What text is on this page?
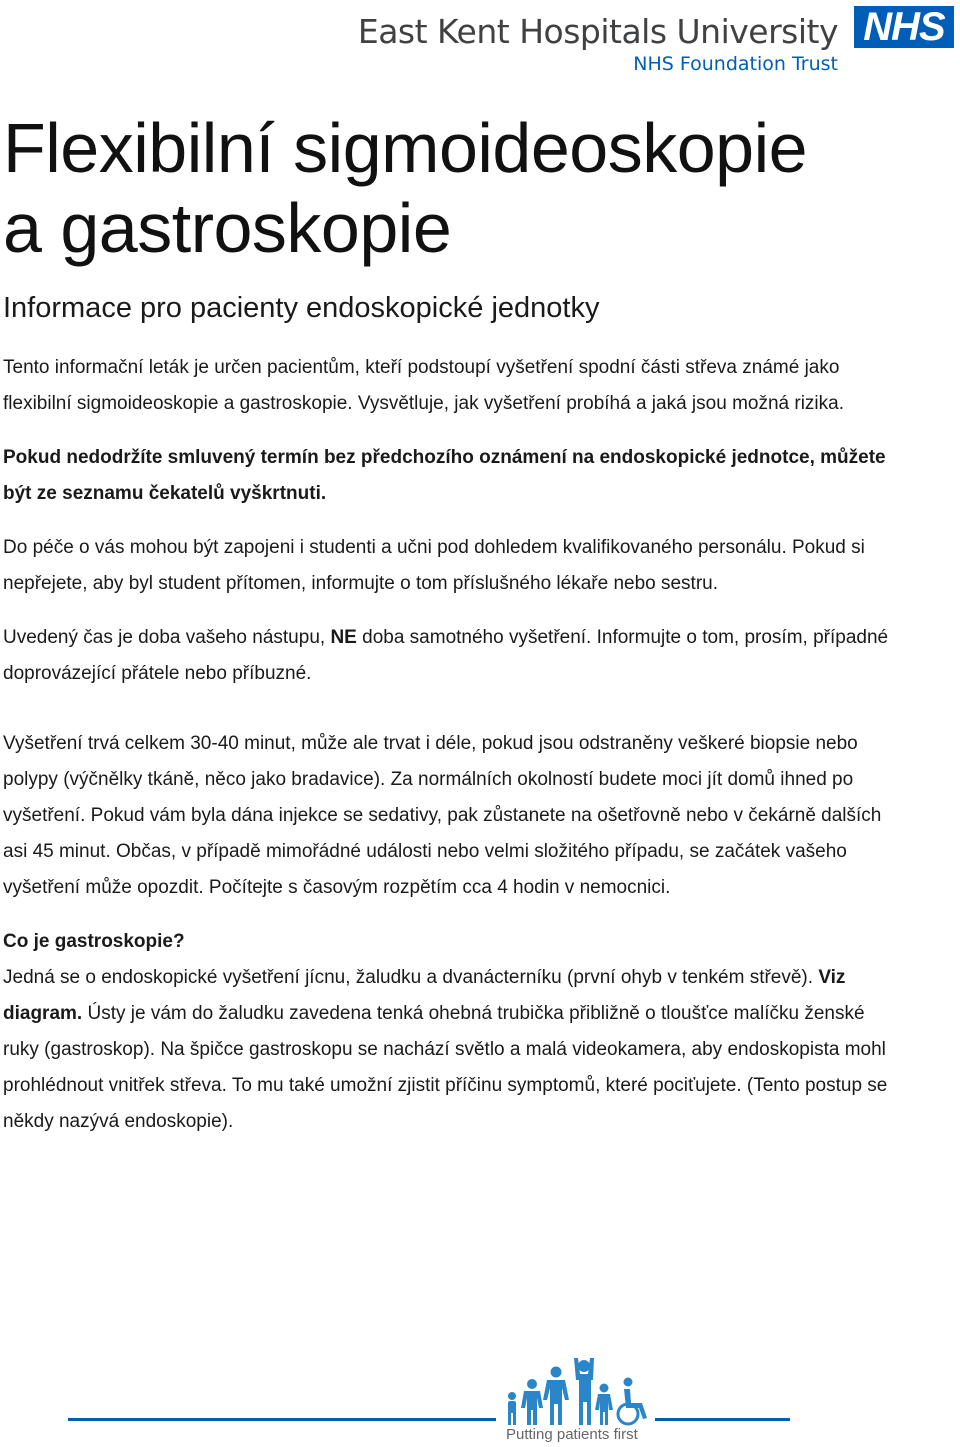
East Kent Hospitals University
NHS Foundation Trust
NHS
Flexibilní sigmoideoskopie
a gastroskopie
Informace pro pacienty endoskopické jednotky

Tento informační leták je určen pacientům, kteří podstoupí vyšetření spodní části střeva známé jako flexibilní sigmoideoskopie a gastroskopie. Vysvětluje, jak vyšetření probíhá a jaká jsou možná rizika.

Pokud nedodržíte smluvený termín bez předchozího oznámení na endoskopické jednotce, můžete být ze seznamu čekatelů vyškrtnuti.

Do péče o vás mohou být zapojeni i studenti a učni pod dohledem kvalifikovaného personálu. Pokud si nepřejete, aby byl student přítomen, informujte o tom příslušného lékaře nebo sestru.

Uvedený čas je doba vašeho nástupu, NE doba samotného vyšetření. Informujte o tom, prosím, případné doprovázející přátele nebo příbuzné.

Vyšetření trvá celkem 30-40 minut, může ale trvat i déle, pokud jsou odstraněny veškeré biopsie nebo polypy (výčnělky tkáně, něco jako bradavice). Za normálních okolností budete moci jít domů ihned po vyšetření. Pokud vám byla dána injekce se sedativy, pak zůstanete na ošetřovně nebo v čekárně dalších asi 45 minut. Občas, v případě mimořádné události nebo velmi složitého případu, se začátek vašeho vyšetření může opozdit. Počítejte s časovým rozpětím cca 4 hodin v nemocnici.

Co je gastroskopie?

Jedná se o endoskopické vyšetření jícnu, žaludku a dvanácterníku (první ohyb v tenkém střevě). Viz diagram. Ústy je vám do žaludku zavedena tenká ohebná trubička přibližně o tloušťce malíčku ženské ruky (gastroskop). Na špičce gastroskopu se nachází světlo a malá videokamera, aby endoskopista mohl prohlédnout vnitřek střeva. To mu také umožní zjistit příčinu symptomů, které pociťujete. (Tento postup se někdy nazývá endoskopie).

Putting patients first
